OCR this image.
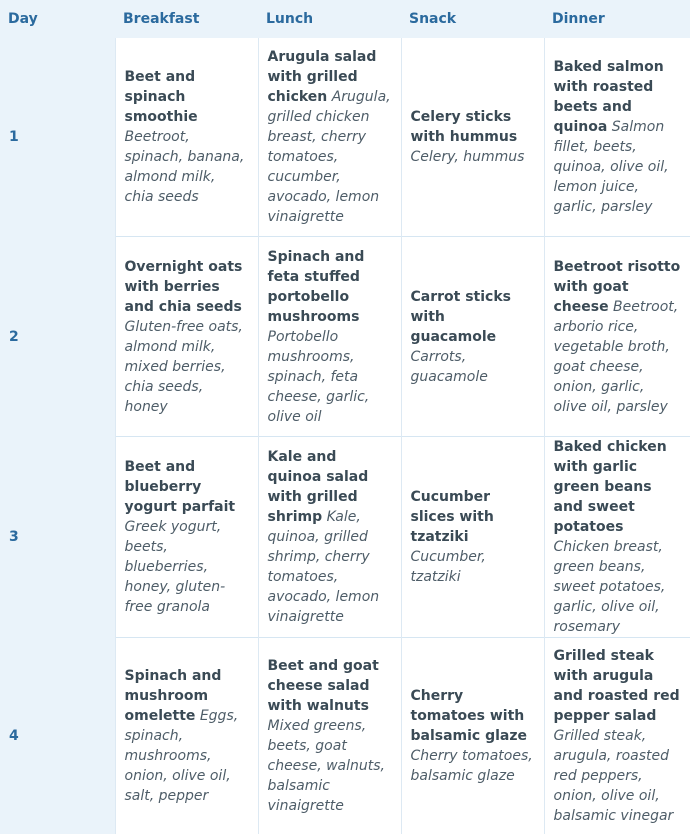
Day	Breakfast	Lunch	Snack	Dinner
1	Beet and spinach smoothie Beetroot, spinach, banana, almond milk, chia seeds	Arugula salad with grilled chicken Arugula, grilled chicken breast, cherry tomatoes, cucumber, avocado, lemon vinaigrette	Celery sticks with hummus Celery, hummus	Baked salmon with roasted beets and quinoa Salmon fillet, beets, quinoa, olive oil, lemon juice, garlic, parsley
2	Overnight oats with berries and chia seeds Gluten-free oats, almond milk, mixed berries, chia seeds, honey	Spinach and feta stuffed portobello mushrooms Portobello mushrooms, spinach, feta cheese, garlic, olive oil	Carrot sticks with guacamole Carrots, guacamole	Beetroot risotto with goat cheese Beetroot, arborio rice, vegetable broth, goat cheese, onion, garlic, olive oil, parsley
3	Beet and blueberry yogurt parfait Greek yogurt, beets, blueberries, honey, gluten-free granola	Kale and quinoa salad with grilled shrimp Kale, quinoa, grilled shrimp, cherry tomatoes, avocado, lemon vinaigrette	Cucumber slices with tzatziki Cucumber, tzatziki	Baked chicken with garlic green beans and sweet potatoes Chicken breast, green beans, sweet potatoes, garlic, olive oil, rosemary
4	Spinach and mushroom omelette Eggs, spinach, mushrooms, onion, olive oil, salt, pepper	Beet and goat cheese salad with walnuts Mixed greens, beets, goat cheese, walnuts, balsamic vinaigrette	Cherry tomatoes with balsamic glaze Cherry tomatoes, balsamic glaze	Grilled steak with arugula and roasted red pepper salad Grilled steak, arugula, roasted red peppers, onion, olive oil, balsamic vinegar
